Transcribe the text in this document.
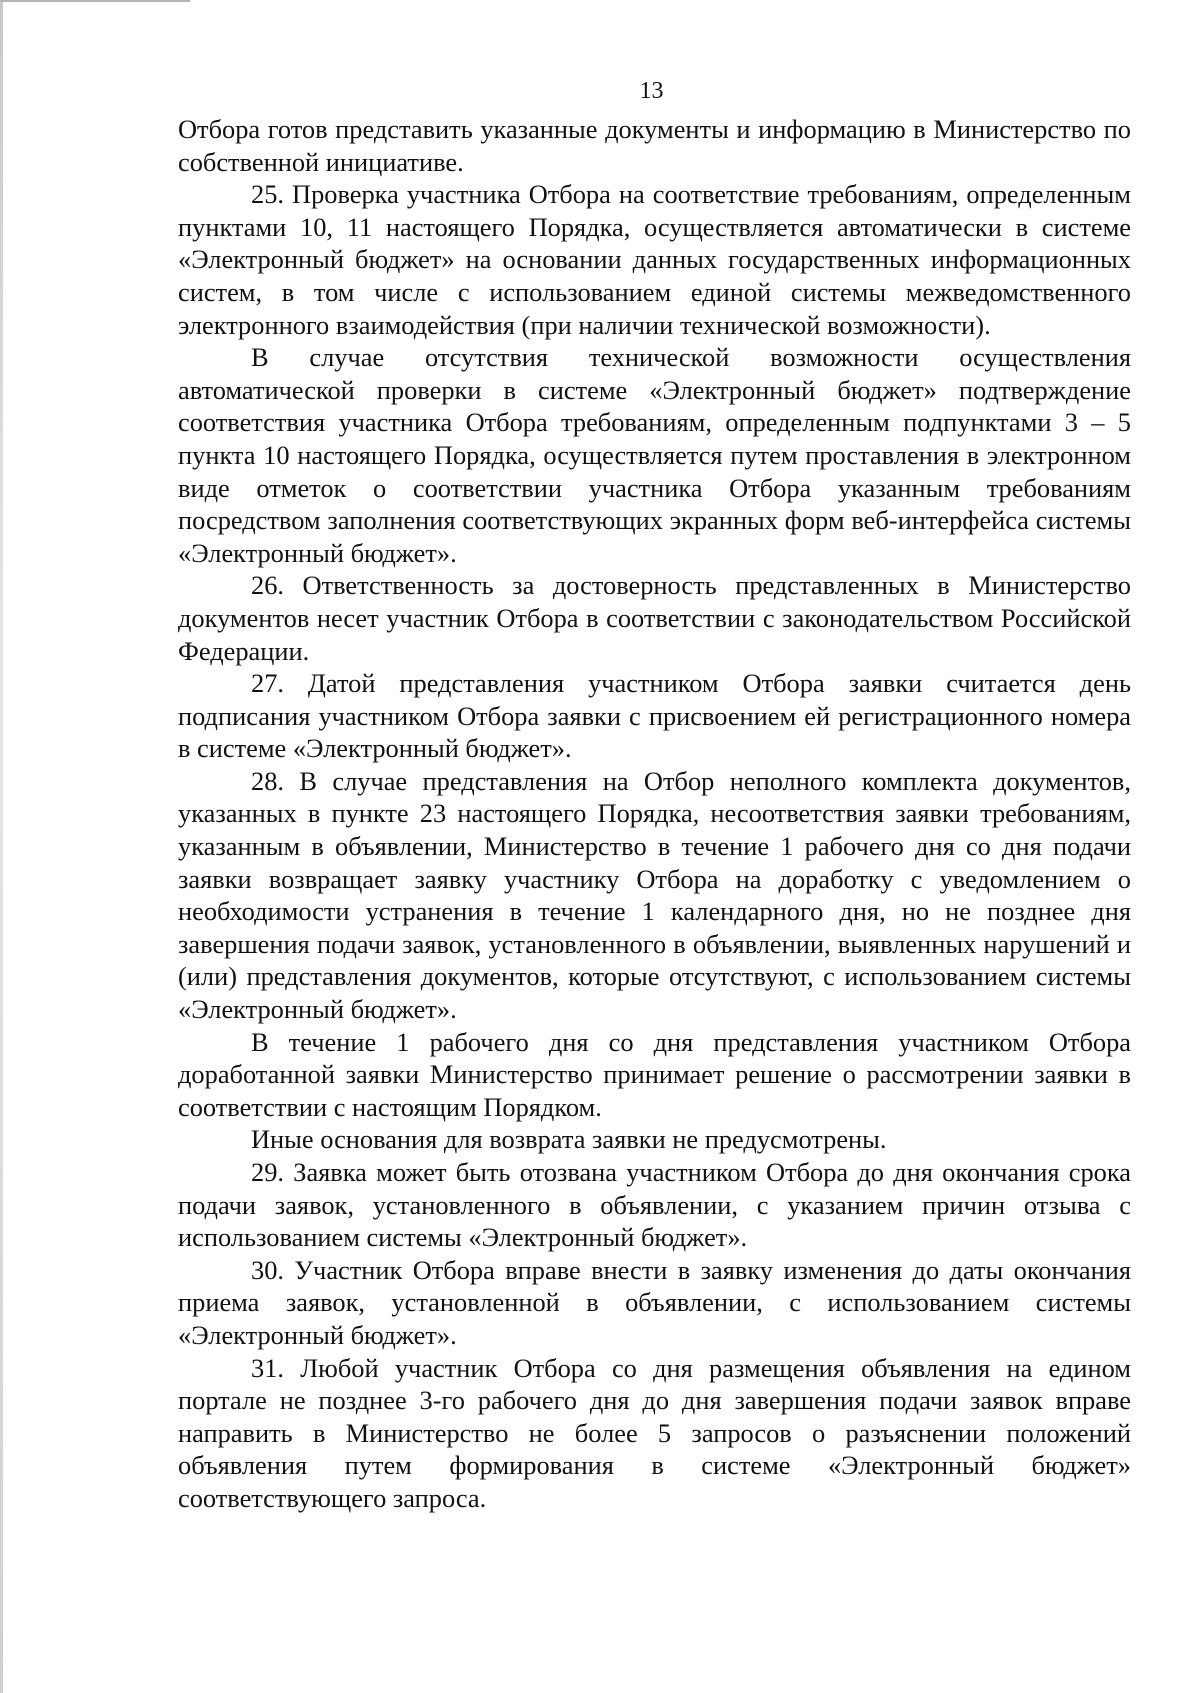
13

Отбора готов представить указанные документы и информацию в Министерство по собственной инициативе.

25. Проверка участника Отбора на соответствие требованиям, определенным пунктами 10, 11 настоящего Порядка, осуществляется автоматически в системе «Электронный бюджет» на основании данных государственных информационных систем, в том числе с использованием единой системы межведомственного электронного взаимодействия (при наличии технической возможности).

В случае отсутствия технической возможности осуществления автоматической проверки в системе «Электронный бюджет» подтверждение соответствия участника Отбора требованиям, определенным подпунктами 3 – 5 пункта 10 настоящего Порядка, осуществляется путем проставления в электронном виде отметок о соответствии участника Отбора указанным требованиям посредством заполнения соответствующих экранных форм веб-интерфейса системы «Электронный бюджет».

26. Ответственность за достоверность представленных в Министерство документов несет участник Отбора в соответствии с законодательством Российской Федерации.

27. Датой представления участником Отбора заявки считается день подписания участником Отбора заявки с присвоением ей регистрационного номера в системе «Электронный бюджет».

28. В случае представления на Отбор неполного комплекта документов, указанных в пункте 23 настоящего Порядка, несоответствия заявки требованиям, указанным в объявлении, Министерство в течение 1 рабочего дня со дня подачи заявки возвращает заявку участнику Отбора на доработку с уведомлением о необходимости устранения в течение 1 календарного дня, но не позднее дня завершения подачи заявок, установленного в объявлении, выявленных нарушений и (или) представления документов, которые отсутствуют, с использованием системы «Электронный бюджет».

В течение 1 рабочего дня со дня представления участником Отбора доработанной заявки Министерство принимает решение о рассмотрении заявки в соответствии с настоящим Порядком.

Иные основания для возврата заявки не предусмотрены.

29. Заявка может быть отозвана участником Отбора до дня окончания срока подачи заявок, установленного в объявлении, с указанием причин отзыва с использованием системы «Электронный бюджет».

30. Участник Отбора вправе внести в заявку изменения до даты окончания приема заявок, установленной в объявлении, с использованием системы «Электронный бюджет».

31. Любой участник Отбора со дня размещения объявления на едином портале не позднее 3-го рабочего дня до дня завершения подачи заявок вправе направить в Министерство не более 5 запросов о разъяснении положений объявления путем формирования в системе «Электронный бюджет» соответствующего запроса.
